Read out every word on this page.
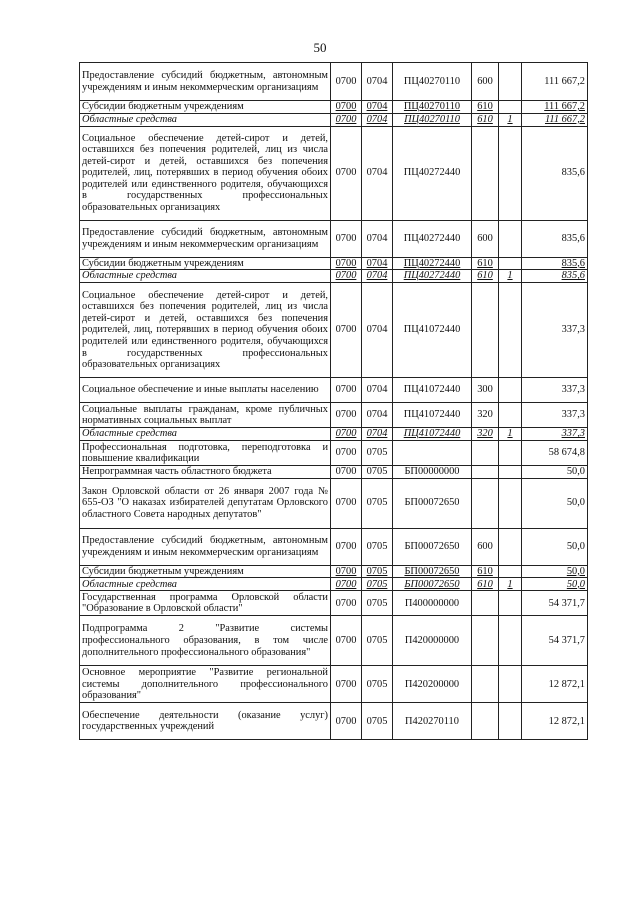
50
Предоставление субсидий бюджетным, автономным учреждениям и иным некоммерческим организациям	0700	0704	ПЦ40270110	600		111 667,2
Субсидии бюджетным учреждениям	0700	0704	ПЦ40270110	610		111 667,2
Областные средства	0700	0704	ПЦ40270110	610	1	111 667,2
Социальное обеспечение детей-сирот и детей, оставшихся без попечения родителей, лиц из числа детей-сирот и детей, оставшихся без попечения родителей, лиц, потерявших в период обучения обоих родителей или единственного родителя, обучающихся в государственных профессиональных образовательных организациях	0700	0704	ПЦ40272440			835,6
Предоставление субсидий бюджетным, автономным учреждениям и иным некоммерческим организациям	0700	0704	ПЦ40272440	600		835,6
Субсидии бюджетным учреждениям	0700	0704	ПЦ40272440	610		835,6
Областные средства	0700	0704	ПЦ40272440	610	1	835,6
Социальное обеспечение детей-сирот и детей, оставшихся без попечения родителей, лиц из числа детей-сирот и детей, оставшихся без попечения родителей, лиц, потерявших в период обучения обоих родителей или единственного родителя, обучающихся в государственных профессиональных образовательных организациях	0700	0704	ПЦ41072440			337,3
Социальное обеспечение и иные выплаты населению	0700	0704	ПЦ41072440	300		337,3
Социальные выплаты гражданам, кроме публичных нормативных социальных выплат	0700	0704	ПЦ41072440	320		337,3
Областные средства	0700	0704	ПЦ41072440	320	1	337,3
Профессиональная подготовка, переподготовка и повышение квалификации	0700	0705				58 674,8
Непрограммная часть областного бюджета	0700	0705	БП00000000			50,0
Закон Орловской области от 26 января 2007 года № 655-ОЗ "О наказах избирателей депутатам Орловского областного Совета народных депутатов"	0700	0705	БП00072650			50,0
Предоставление субсидий бюджетным, автономным учреждениям и иным некоммерческим организациям	0700	0705	БП00072650	600		50,0
Субсидии бюджетным учреждениям	0700	0705	БП00072650	610		50,0
Областные средства	0700	0705	БП00072650	610	1	50,0
Государственная программа Орловской области "Образование в Орловской области"	0700	0705	П400000000			54 371,7
Подпрограмма 2 "Развитие системы профессионального образования, в том числе дополнительного профессионального образования"	0700	0705	П420000000			54 371,7
Основное мероприятие "Развитие региональной системы дополнительного профессионального образования"	0700	0705	П420200000			12 872,1
Обеспечение деятельности (оказание услуг) государственных учреждений	0700	0705	П420270110			12 872,1
